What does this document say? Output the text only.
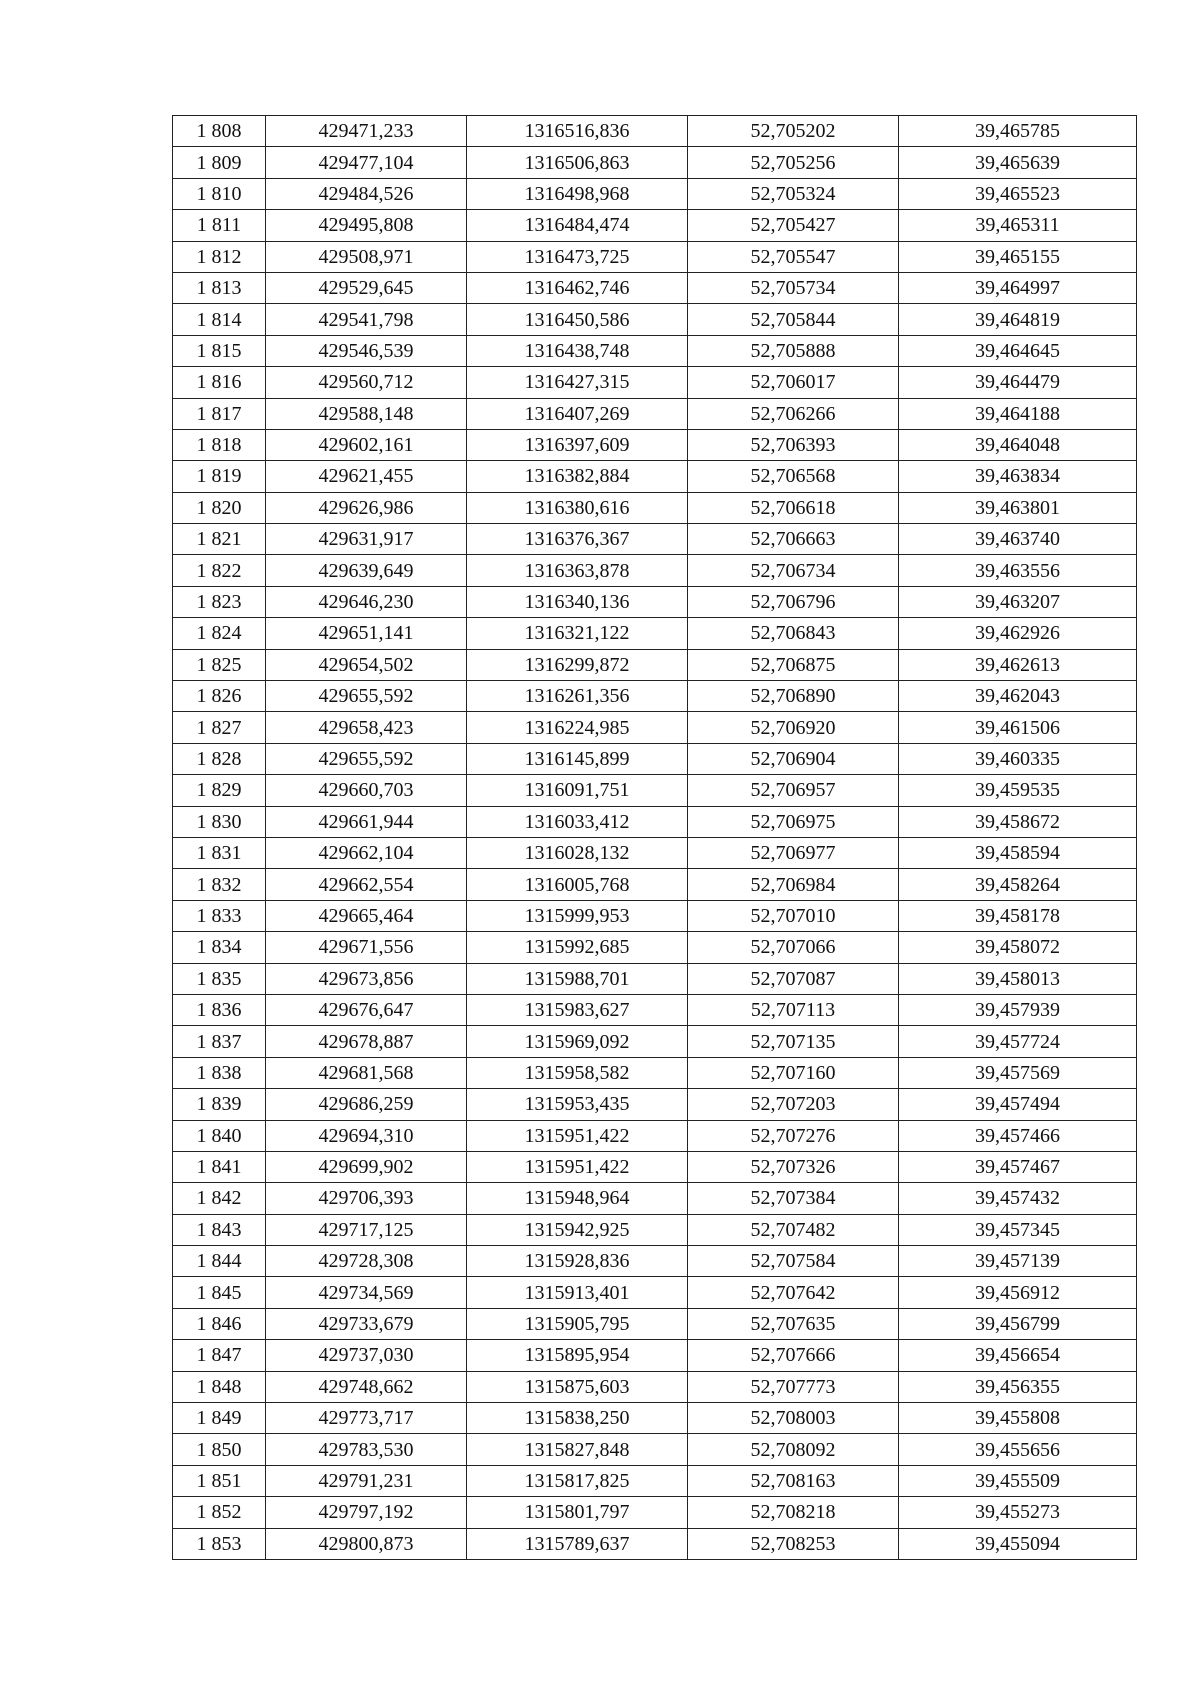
1 808	429471,233	1316516,836	52,705202	39,465785
1 809	429477,104	1316506,863	52,705256	39,465639
1 810	429484,526	1316498,968	52,705324	39,465523
1 811	429495,808	1316484,474	52,705427	39,465311
1 812	429508,971	1316473,725	52,705547	39,465155
1 813	429529,645	1316462,746	52,705734	39,464997
1 814	429541,798	1316450,586	52,705844	39,464819
1 815	429546,539	1316438,748	52,705888	39,464645
1 816	429560,712	1316427,315	52,706017	39,464479
1 817	429588,148	1316407,269	52,706266	39,464188
1 818	429602,161	1316397,609	52,706393	39,464048
1 819	429621,455	1316382,884	52,706568	39,463834
1 820	429626,986	1316380,616	52,706618	39,463801
1 821	429631,917	1316376,367	52,706663	39,463740
1 822	429639,649	1316363,878	52,706734	39,463556
1 823	429646,230	1316340,136	52,706796	39,463207
1 824	429651,141	1316321,122	52,706843	39,462926
1 825	429654,502	1316299,872	52,706875	39,462613
1 826	429655,592	1316261,356	52,706890	39,462043
1 827	429658,423	1316224,985	52,706920	39,461506
1 828	429655,592	1316145,899	52,706904	39,460335
1 829	429660,703	1316091,751	52,706957	39,459535
1 830	429661,944	1316033,412	52,706975	39,458672
1 831	429662,104	1316028,132	52,706977	39,458594
1 832	429662,554	1316005,768	52,706984	39,458264
1 833	429665,464	1315999,953	52,707010	39,458178
1 834	429671,556	1315992,685	52,707066	39,458072
1 835	429673,856	1315988,701	52,707087	39,458013
1 836	429676,647	1315983,627	52,707113	39,457939
1 837	429678,887	1315969,092	52,707135	39,457724
1 838	429681,568	1315958,582	52,707160	39,457569
1 839	429686,259	1315953,435	52,707203	39,457494
1 840	429694,310	1315951,422	52,707276	39,457466
1 841	429699,902	1315951,422	52,707326	39,457467
1 842	429706,393	1315948,964	52,707384	39,457432
1 843	429717,125	1315942,925	52,707482	39,457345
1 844	429728,308	1315928,836	52,707584	39,457139
1 845	429734,569	1315913,401	52,707642	39,456912
1 846	429733,679	1315905,795	52,707635	39,456799
1 847	429737,030	1315895,954	52,707666	39,456654
1 848	429748,662	1315875,603	52,707773	39,456355
1 849	429773,717	1315838,250	52,708003	39,455808
1 850	429783,530	1315827,848	52,708092	39,455656
1 851	429791,231	1315817,825	52,708163	39,455509
1 852	429797,192	1315801,797	52,708218	39,455273
1 853	429800,873	1315789,637	52,708253	39,455094
